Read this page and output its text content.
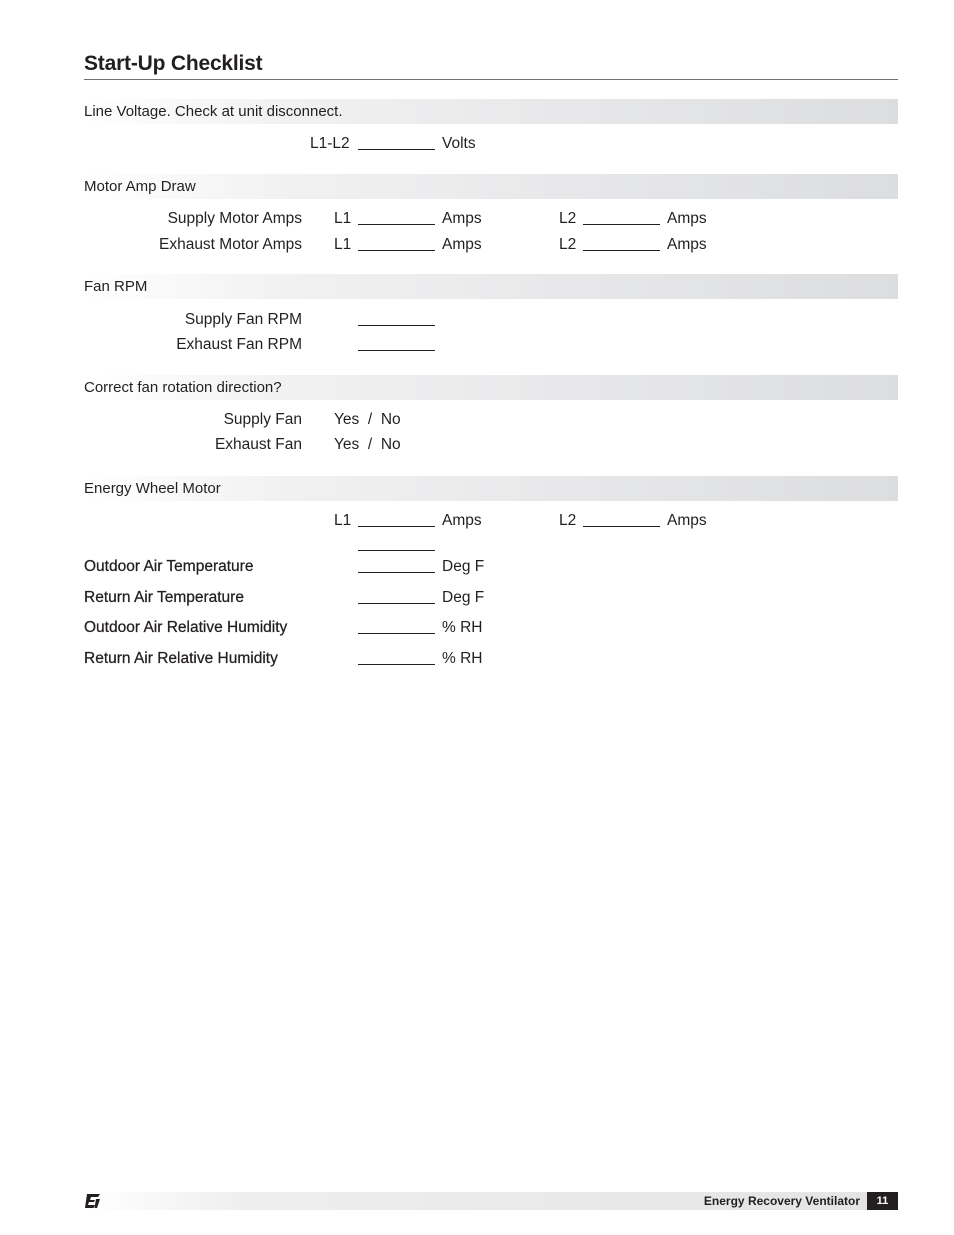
Start-Up Checklist
Line Voltage. Check at unit disconnect.
L1-L2	Volts
Motor Amp Draw
Supply Motor Amps L1	Amps	L2	Amps
Exhaust Motor Amps L1	Amps	L2	Amps
Fan RPM
Supply Fan RPM
Exhaust Fan RPM
Correct fan rotation direction?
Supply Fan Yes  /  No
Exhaust Fan Yes  /  No
Energy Wheel Motor
L1	Amps	L2	Amps
Outdoor Air Temperature	Deg F
Return Air Temperature	Deg F
Outdoor Air Relative Humidity	% RH
Return Air Relative Humidity	% RH
Energy Recovery Ventilator	11
